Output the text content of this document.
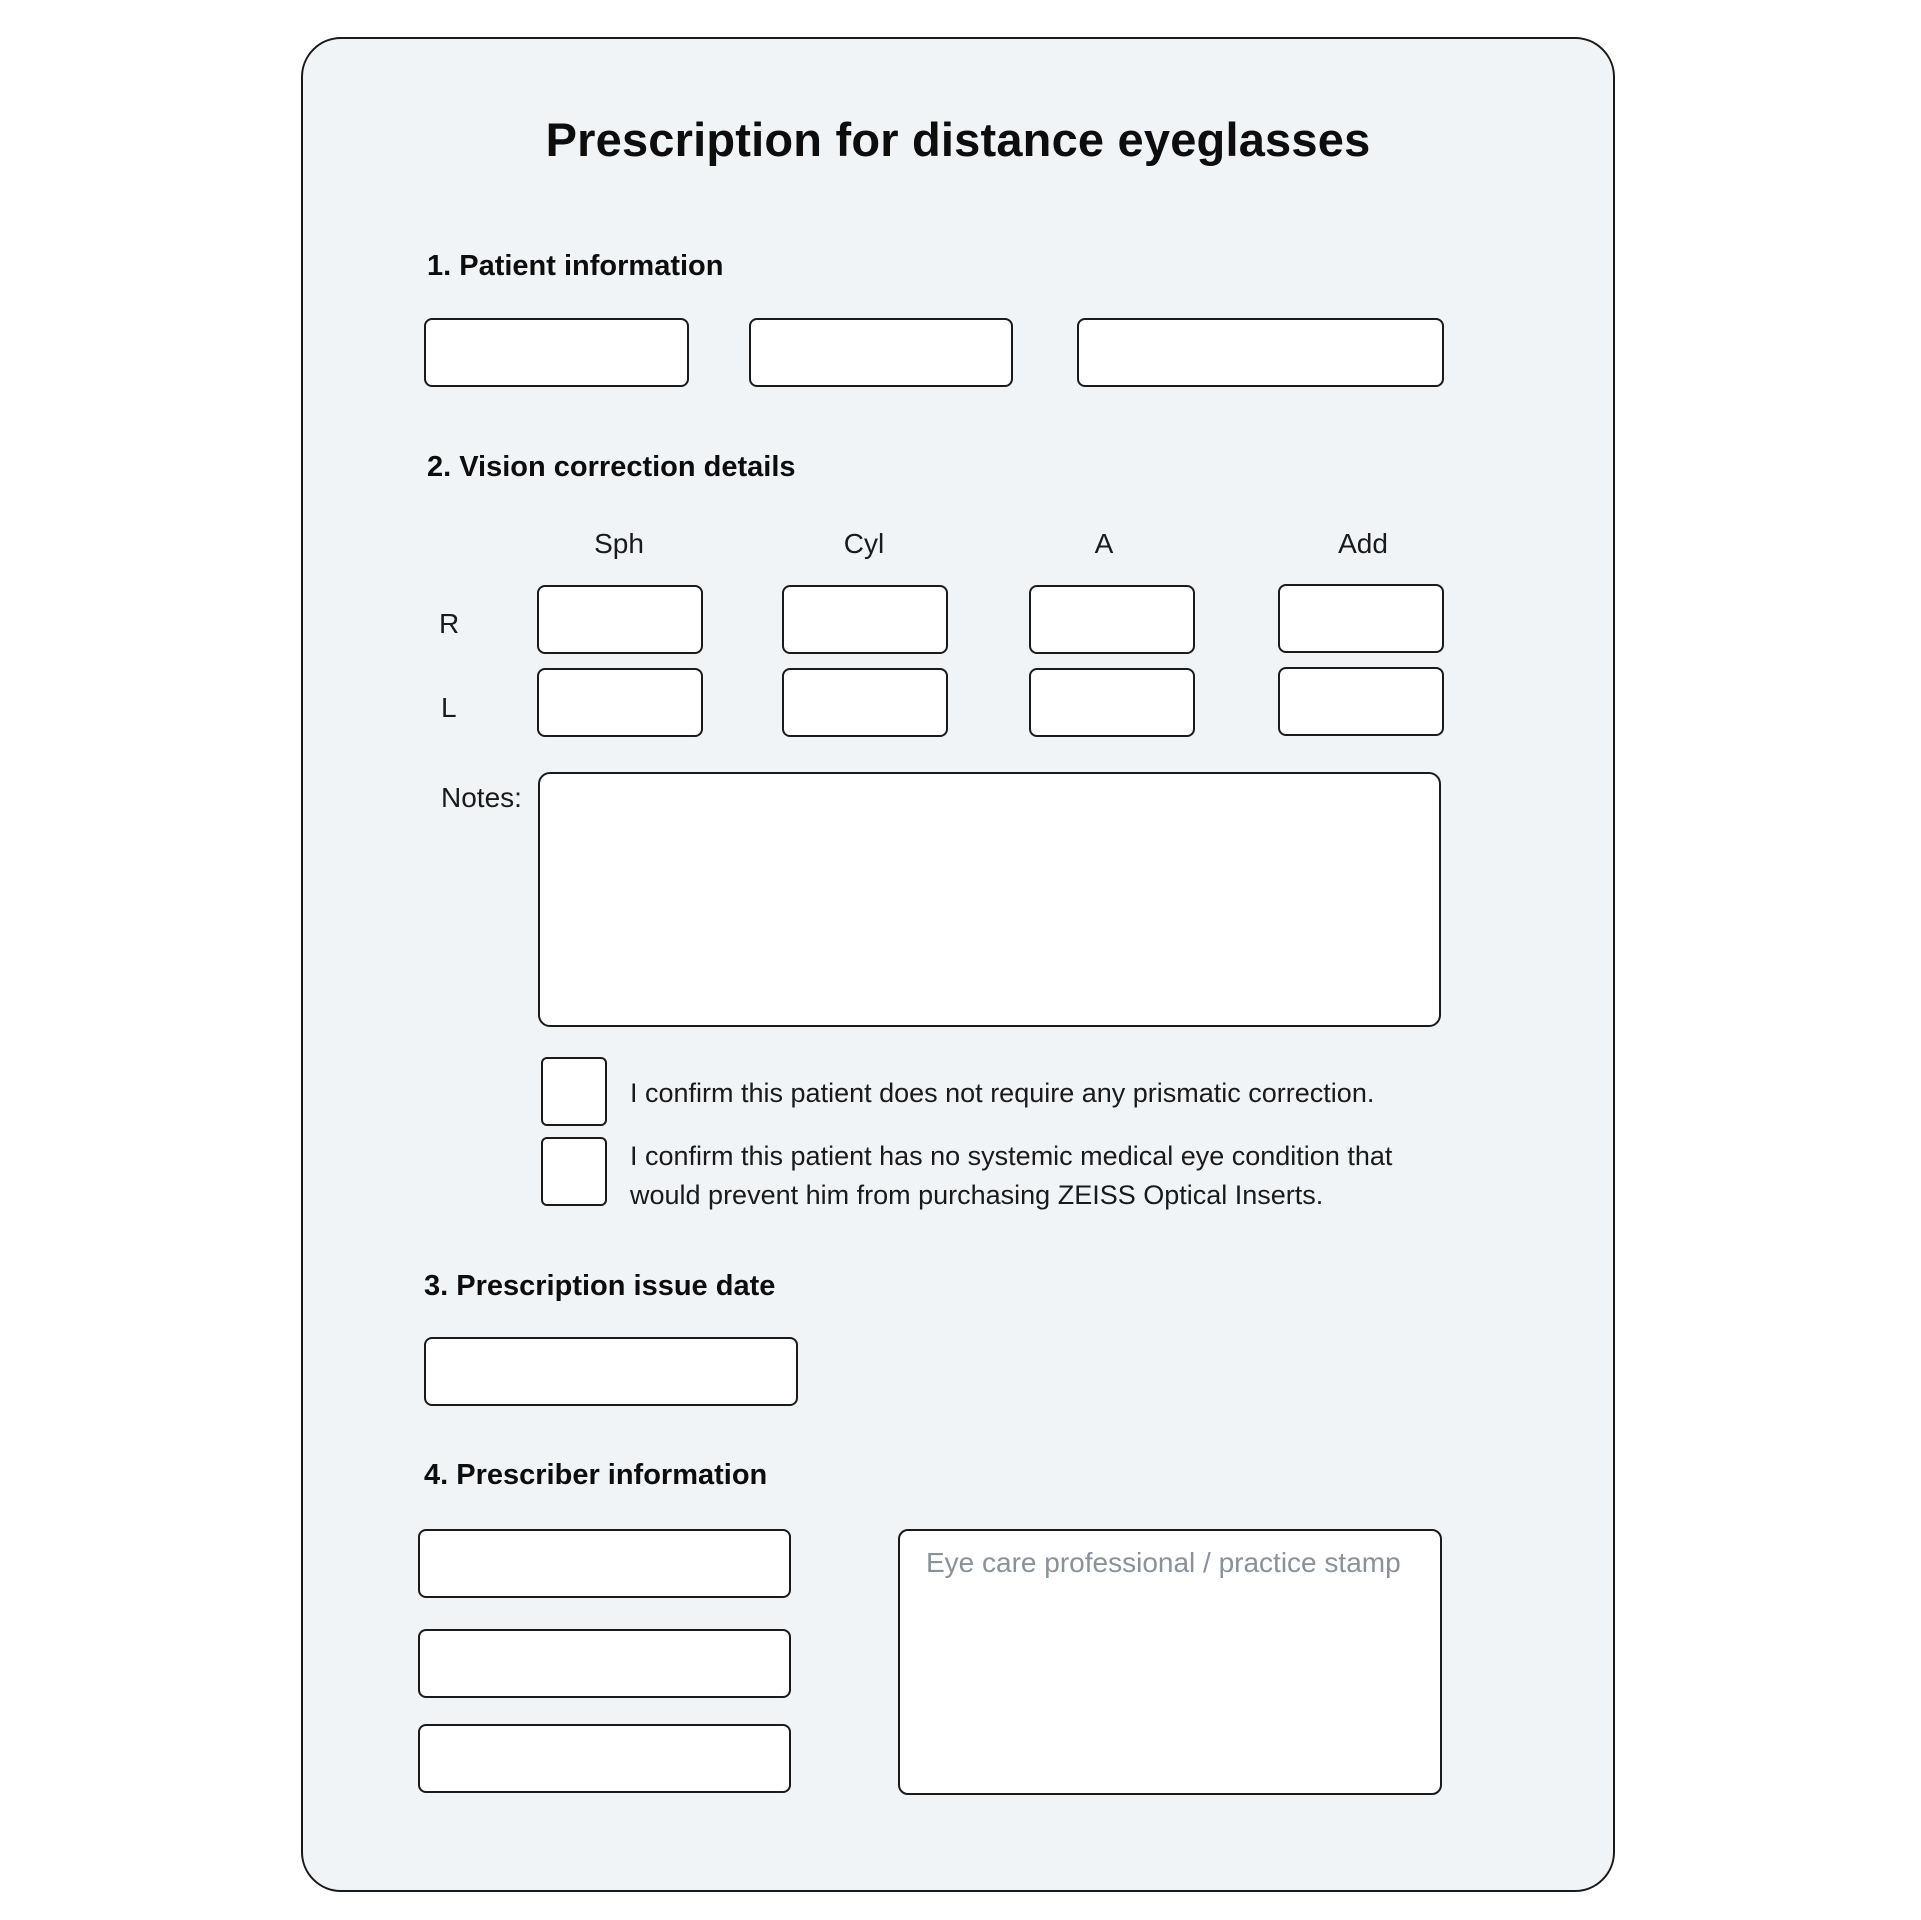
Prescription for distance eyeglasses
1. Patient information
2. Vision correction details
Sph	Cyl	A	Add
R
L
Notes:
I confirm this patient does not require any prismatic correction.
I confirm this patient has no systemic medical eye condition that
would prevent him from purchasing ZEISS Optical Inserts.
3. Prescription issue date
4. Prescriber information
Eye care professional / practice stamp
